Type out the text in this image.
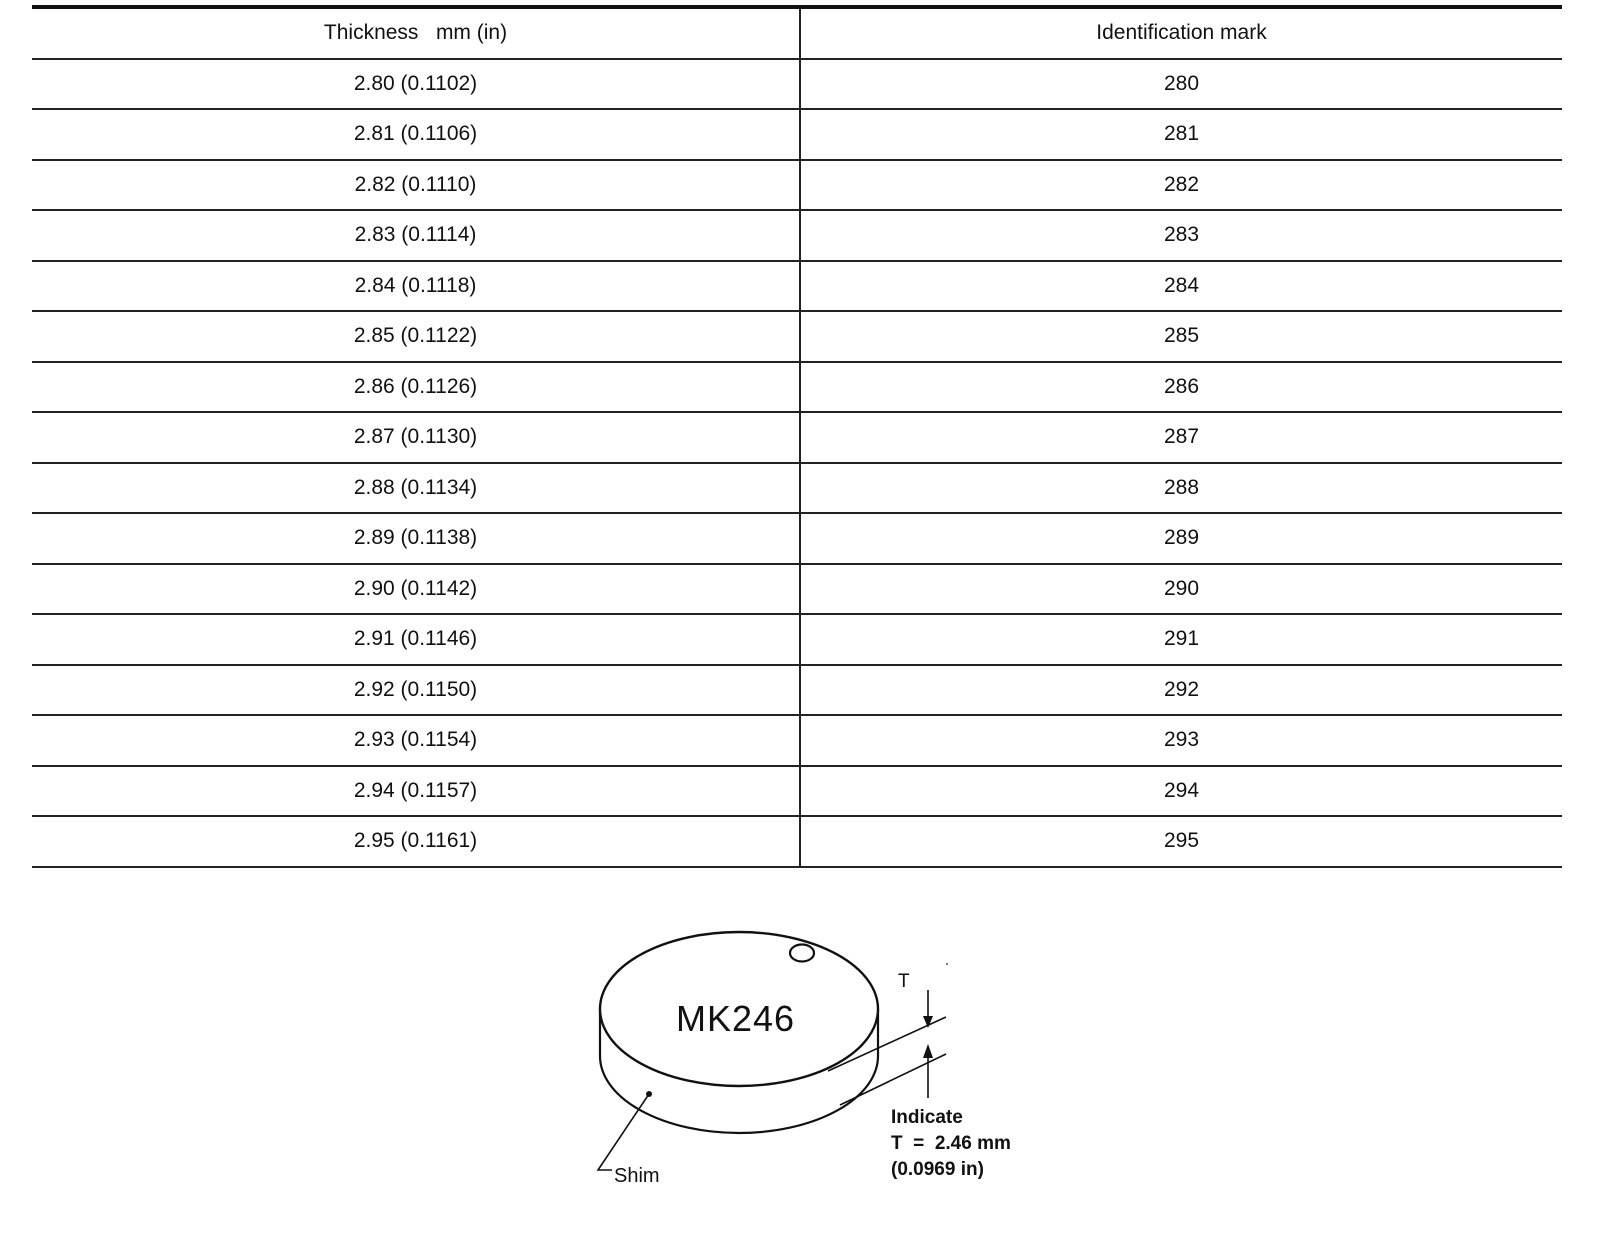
Thickness   mm (in)	Identification mark
2.80 (0.1102)	280
2.81 (0.1106)	281
2.82 (0.1110)	282
2.83 (0.1114)	283
2.84 (0.1118)	284
2.85 (0.1122)	285
2.86 (0.1126)	286
2.87 (0.1130)	287
2.88 (0.1134)	288
2.89 (0.1138)	289
2.90 (0.1142)	290
2.91 (0.1146)	291
2.92 (0.1150)	292
2.93 (0.1154)	293
2.94 (0.1157)	294
2.95 (0.1161)	295
MK246
T
Indicate
T  =  2.46 mm
(0.0969 in)
Shim
